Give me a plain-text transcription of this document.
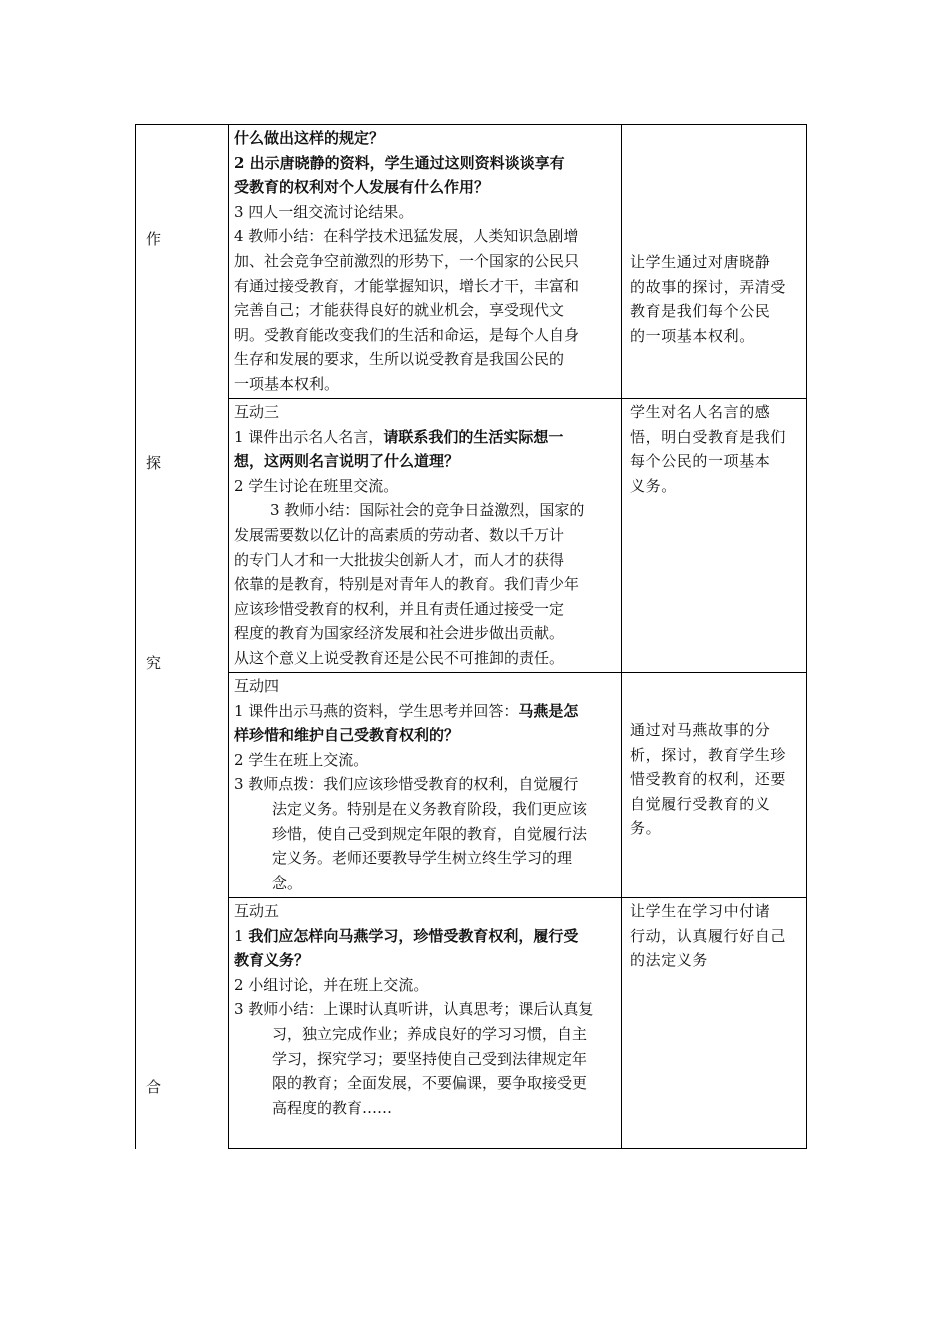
作
探
究
合
什么做出这样的规定？
2 出示唐晓静的资料，学生通过这则资料谈谈享有
受教育的权利对个人发展有什么作用？
3 四人一组交流讨论结果。
4 教师小结：在科学技术迅猛发展，人类知识急剧增
加、社会竞争空前激烈的形势下，一个国家的公民只
有通过接受教育，才能掌握知识，增长才干，丰富和
完善自己；才能获得良好的就业机会，享受现代文
明。受教育能改变我们的生活和命运，是每个人自身
生存和发展的要求，生所以说受教育是我国公民的
一项基本权利。
让学生通过对唐晓静
的故事的探讨，弄清受
教育是我们每个公民
的一项基本权利。
互动三
1 课件出示名人名言，请联系我们的生活实际想一
想，这两则名言说明了什么道理？
2 学生讨论在班里交流。
3 教师小结：国际社会的竞争日益激烈，国家的
发展需要数以亿计的高素质的劳动者、数以千万计
的专门人才和一大批拔尖创新人才，而人才的获得
依靠的是教育，特别是对青年人的教育。我们青少年
应该珍惜受教育的权利，并且有责任通过接受一定
程度的教育为国家经济发展和社会进步做出贡献。
从这个意义上说受教育还是公民不可推卸的责任。
学生对名人名言的感
悟，明白受教育是我们
每个公民的一项基本
义务。
互动四
1 课件出示马燕的资料，学生思考并回答：马燕是怎
样珍惜和维护自己受教育权利的？
2 学生在班上交流。
3 教师点拨：我们应该珍惜受教育的权利，自觉履行
法定义务。特别是在义务教育阶段，我们更应该
珍惜，使自己受到规定年限的教育，自觉履行法
定义务。老师还要教导学生树立终生学习的理
念。
通过对马燕故事的分
析，探讨，教育学生珍
惜受教育的权利，还要
自觉履行受教育的义
务。
互动五
1 我们应怎样向马燕学习，珍惜受教育权利，履行受
教育义务？
2 小组讨论，并在班上交流。
3 教师小结：上课时认真听讲，认真思考；课后认真复
习，独立完成作业；养成良好的学习习惯，自主
学习，探究学习；要坚持使自己受到法律规定年
限的教育；全面发展，不要偏课，要争取接受更
高程度的教育……
让学生在学习中付诸
行动，认真履行好自己
的法定义务
